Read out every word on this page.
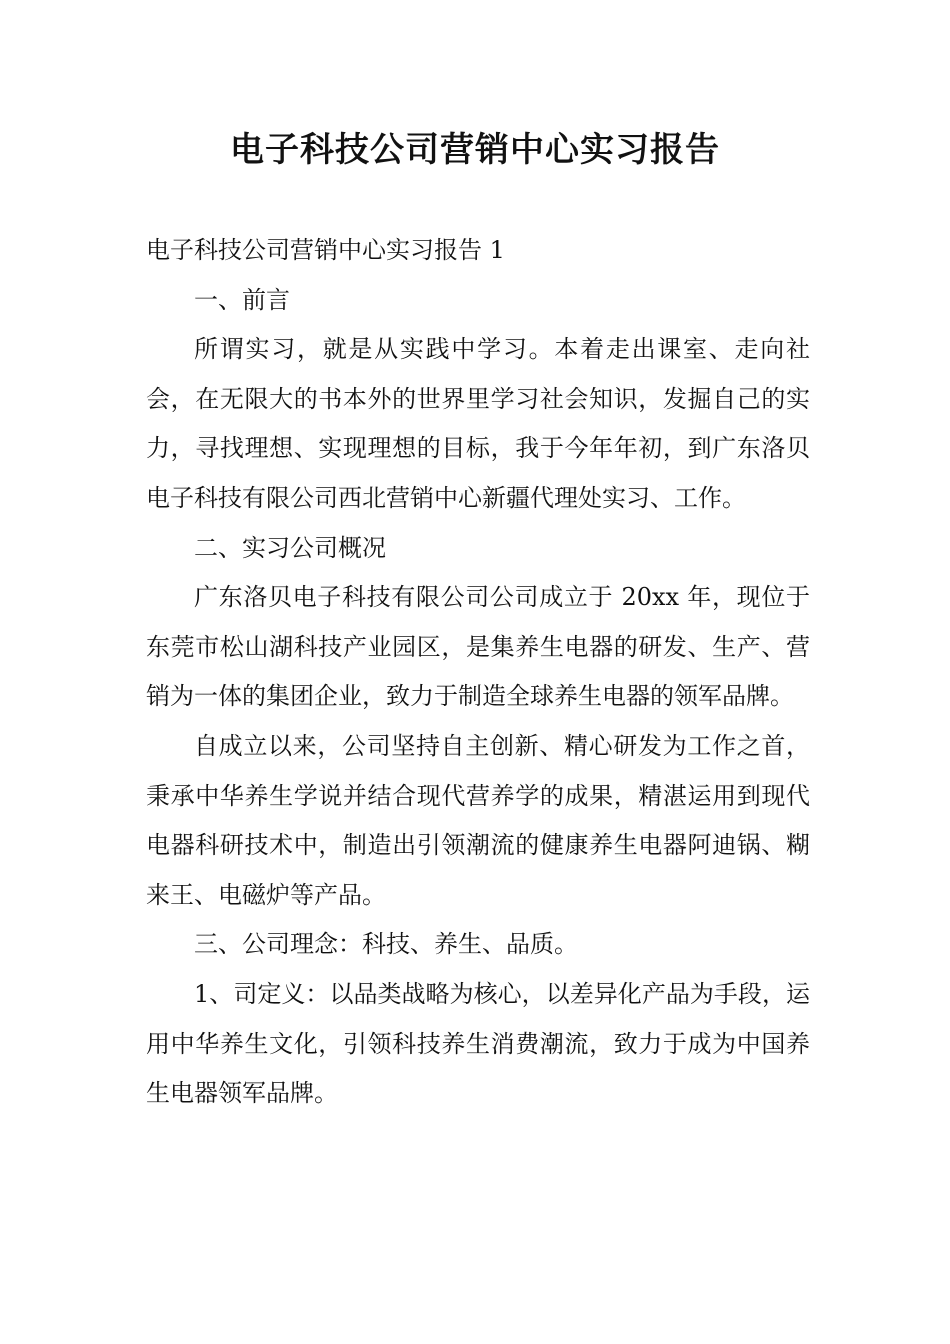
电子科技公司营销中心实习报告

电子科技公司营销中心实习报告 1

一、前言

所谓实习，就是从实践中学习。本着走出课室、走向社会，在无限大的书本外的世界里学习社会知识，发掘自己的实力，寻找理想、实现理想的目标，我于今年年初，到广东洛贝电子科技有限公司西北营销中心新疆代理处实习、工作。

二、实习公司概况

广东洛贝电子科技有限公司公司成立于 20xx 年，现位于东莞市松山湖科技产业园区，是集养生电器的研发、生产、营销为一体的集团企业，致力于制造全球养生电器的领军品牌。

自成立以来，公司坚持自主创新、精心研发为工作之首，秉承中华养生学说并结合现代营养学的成果，精湛运用到现代电器科研技术中，制造出引领潮流的健康养生电器阿迪锅、糊来王、电磁炉等产品。

三、公司理念：科技、养生、品质。

1、司定义：以品类战略为核心，以差异化产品为手段，运用中华养生文化，引领科技养生消费潮流，致力于成为中国养生电器领军品牌。
